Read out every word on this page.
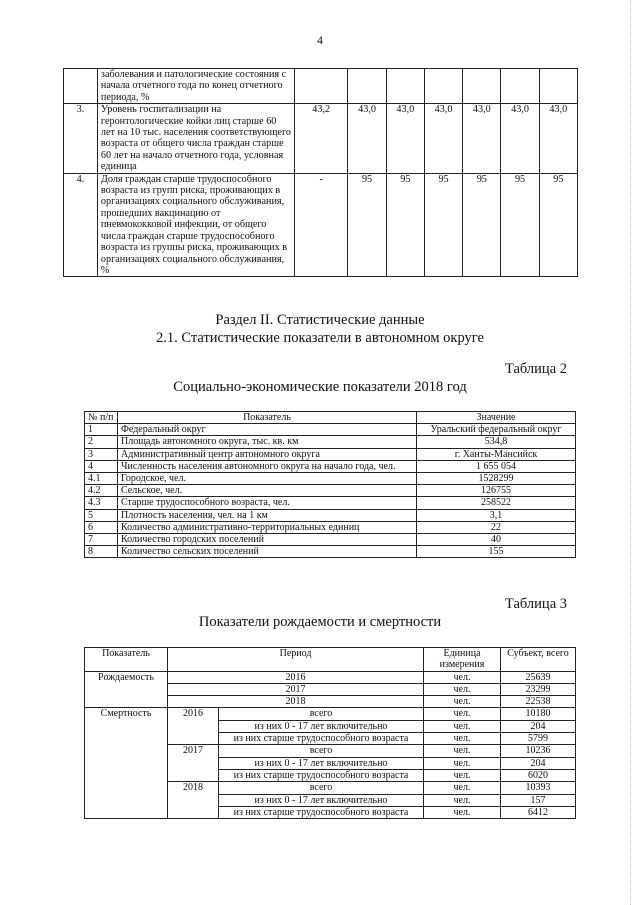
4
	заболевания и патологические состояния с начала отчетного года по конец отчетного периода, %							
3.	Уровень госпитализации на геронтологические койки лиц старше 60 лет на 10 тыс. населения соответствующего возраста от общего числа граждан старше 60 лет на начало отчетного года, условная единица	43,2	43,0	43,0	43,0	43,0	43,0	43,0
4.	Доля граждан старше трудоспособного возраста из групп риска, проживающих в организациях социального обслуживания, прошедших вакцинацию от пневмококковой инфекции, от общего числа граждан старше трудоспособного возраста из группы риска, проживающих в организациях социального обслуживания, %	-	95	95	95	95	95	95
Раздел II. Статистические данные
2.1. Статистические показатели в автономном округе
Таблица 2
Социально-экономические показатели 2018 год
№ п/п	Показатель	Значение
1	Федеральный округ	Уральский федеральный округ
2	Площадь автономного округа, тыс. кв. км	534,8
3	Административный центр автономного округа	г. Ханты-Мансийск
4	Численность населения автономного округа на начало года, чел.	1 655 054
4.1	Городское, чел.	1528299
4.2	Сельское, чел.	126755
4.3	Старше трудоспособного возраста, чел.	258522
5	Плотность населения, чел. на 1 км	3,1
6	Количество административно-территориальных единиц	22
7	Количество городских поселений	40
8	Количество сельских поселений	155
Таблица 3
Показатели рождаемости и смертности
Показатель	Период		Единица измерения	Субъект, всего
Рождаемость	2016		чел.	25639
	2017		чел.	23299
	2018		чел.	22538
Смертность	2016	всего	чел.	10180
		из них 0 - 17 лет включительно	чел.	204
		из них старше трудоспособного возраста	чел.	5799
	2017	всего	чел.	10236
		из них 0 - 17 лет включительно	чел.	204
		из них старше трудоспособного возраста	чел.	6020
	2018	всего	чел.	10393
		из них 0 - 17 лет включительно	чел.	157
		из них старше трудоспособного возраста	чел.	6412
